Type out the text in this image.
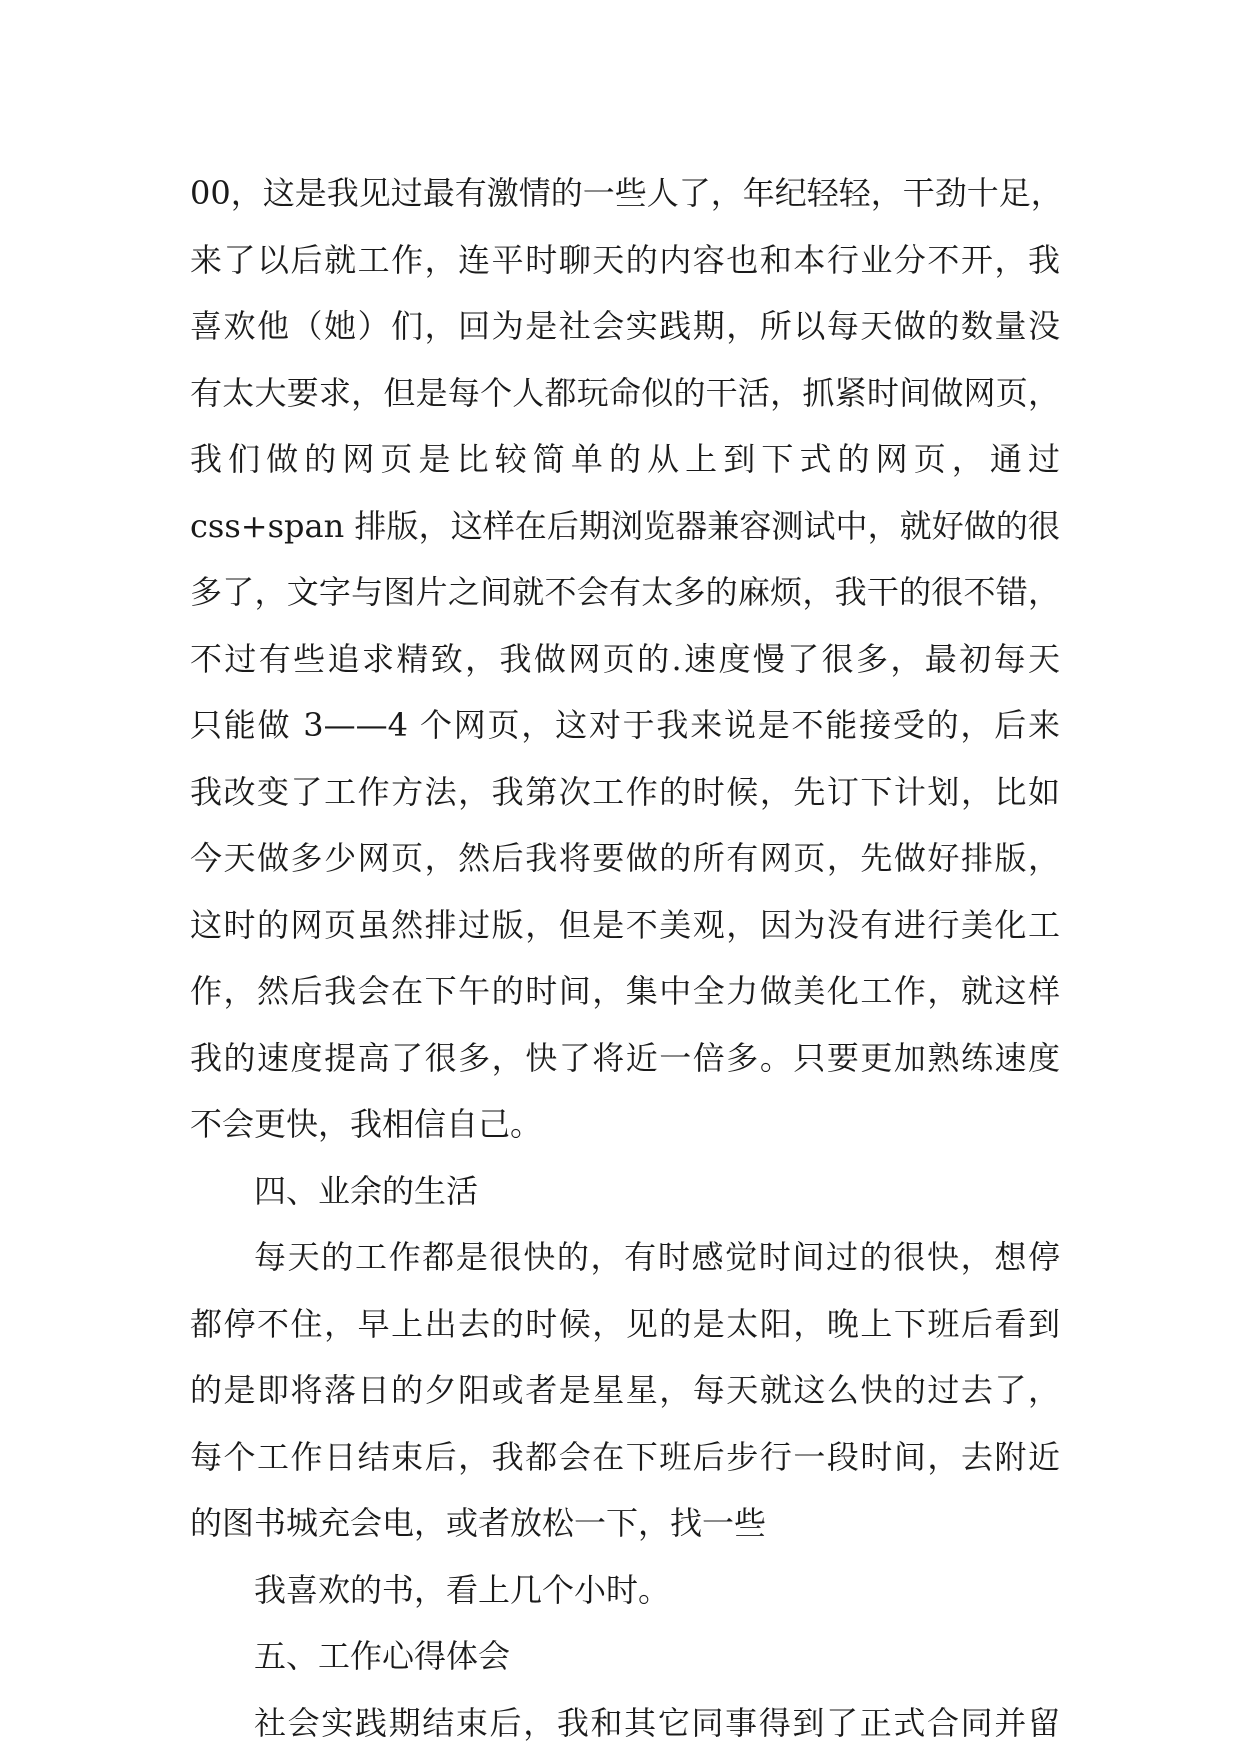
00，这是我见过最有激情的一些人了，年纪轻轻，干劲十足，
来了以后就工作，连平时聊天的内容也和本行业分不开，我
喜欢他（她）们，回为是社会实践期，所以每天做的数量没
有太大要求，但是每个人都玩命似的干活，抓紧时间做网页，
我们做的网页是比较简单的从上到下式的网页，通过
css+span 排版，这样在后期浏览器兼容测试中，就好做的很
多了，文字与图片之间就不会有太多的麻烦，我干的很不错，
不过有些追求精致，我做网页的.速度慢了很多，最初每天
只能做 3——4 个网页，这对于我来说是不能接受的，后来
我改变了工作方法，我第次工作的时候，先订下计划，比如
今天做多少网页，然后我将要做的所有网页，先做好排版，
这时的网页虽然排过版，但是不美观，因为没有进行美化工
作，然后我会在下午的时间，集中全力做美化工作，就这样
我的速度提高了很多，快了将近一倍多。只要更加熟练速度
不会更快，我相信自己。
四、业余的生活
每天的工作都是很快的，有时感觉时间过的很快，想停
都停不住，早上出去的时候，见的是太阳，晚上下班后看到
的是即将落日的夕阳或者是星星，每天就这么快的过去了，
每个工作日结束后，我都会在下班后步行一段时间，去附近
的图书城充会电，或者放松一下，找一些
我喜欢的书，看上几个小时。
五、工作心得体会
社会实践期结束后，我和其它同事得到了正式合同并留
